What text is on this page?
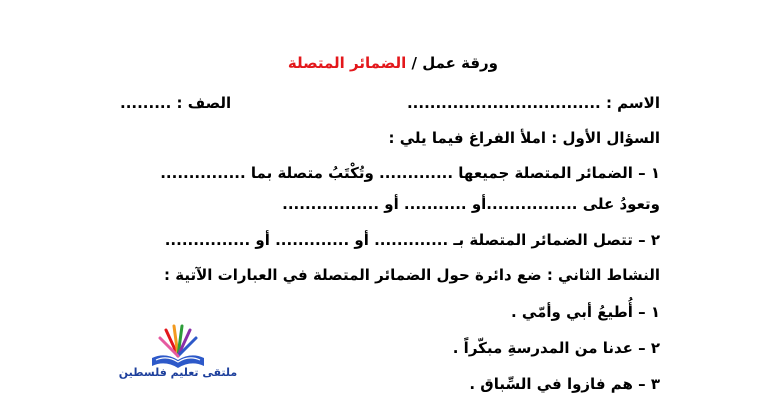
ورقة عمل / الضمائر المتصلة
الاسم : ..................................
الصف : .........
السؤال الأول : املأ الفراغ فيما يلي :
١ – الضمائر المتصلة جميعها ............. وتُكْتَبُ متصلة بما ...............
وتعودُ على ................أو ........... أو .................
٢ – تتصل الضمائر المتصلة بـ ............. أو ............. أو ...............
النشاط الثاني : ضع دائرة حول الضمائر المتصلة في العبارات الآتية :
١ – أُطيعُ أبي وأمّي .
٢ – عدنا من المدرسةِ مبكّراً .
٣ – هم فازوا في السِّباق .
ملتقى تعليم فلسطين
